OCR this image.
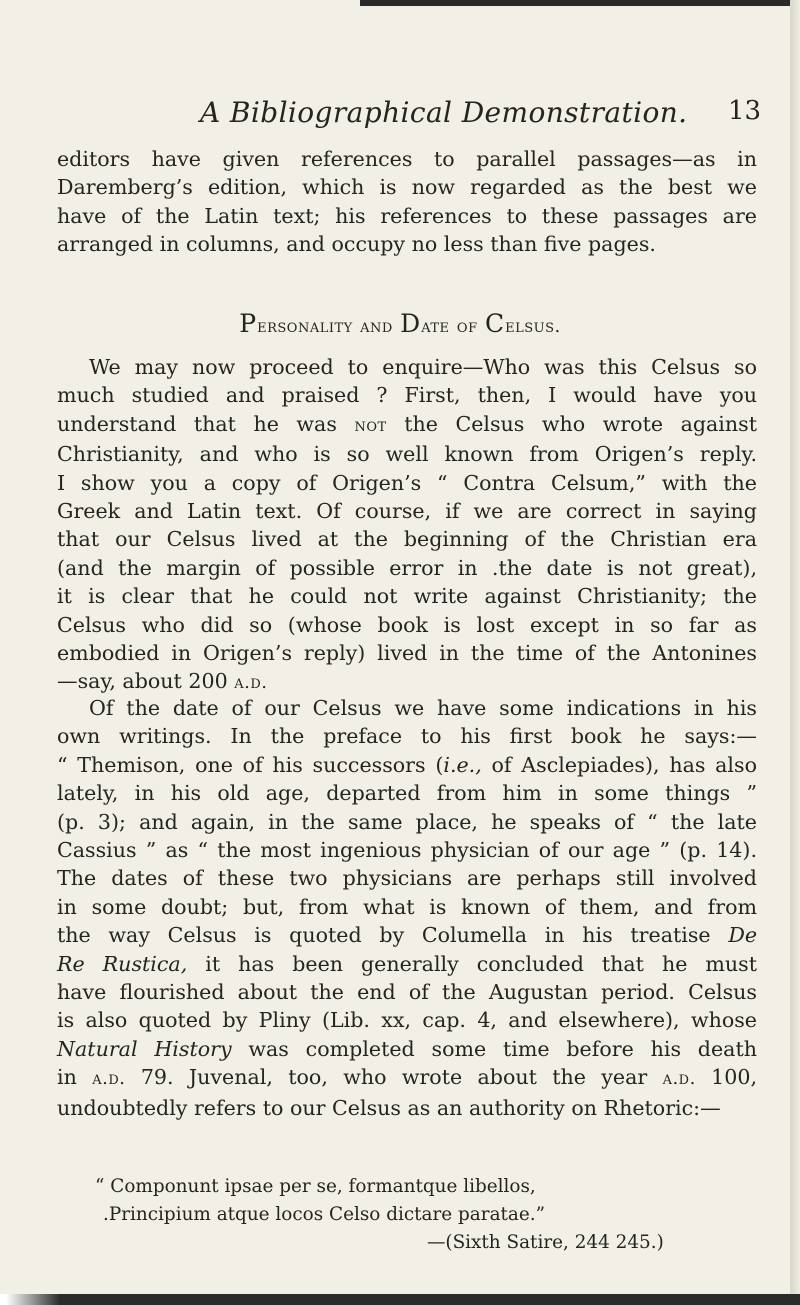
A Bibliographical Demonstration. 13
editors have given references to parallel passages—as in
Daremberg’s edition, which is now regarded as the best we
have of the Latin text; his references to these passages are
arranged in columns, and occupy no less than five pages.
Personality and Date of Celsus.
We may now proceed to enquire—Who was this Celsus so
much studied and praised ? First, then, I would have you
understand that he was not the Celsus who wrote against
Christianity, and who is so well known from Origen’s reply.
I show you a copy of Origen’s “ Contra Celsum,” with the
Greek and Latin text. Of course, if we are correct in saying
that our Celsus lived at the beginning of the Christian era
(and the margin of possible error in .the date is not great),
it is clear that he could not write against Christianity; the
Celsus who did so (whose book is lost except in so far as
embodied in Origen’s reply) lived in the time of the Antonines
—say, about 200 a.d.
Of the date of our Celsus we have some indications in his
own writings. In the preface to his first book he says:—
“ Themison, one of his successors (i.e., of Asclepiades), has also
lately, in his old age, departed from him in some things ”
(p. 3); and again, in the same place, he speaks of “ the late
Cassius ” as “ the most ingenious physician of our age ” (p. 14).
The dates of these two physicians are perhaps still involved
in some doubt; but, from what is known of them, and from
the way Celsus is quoted by Columella in his treatise De
Re Rustica, it has been generally concluded that he must
have flourished about the end of the Augustan period. Celsus
is also quoted by Pliny (Lib. xx, cap. 4, and elsewhere), whose
Natural History was completed some time before his death
in a.d. 79. Juvenal, too, who wrote about the year a.d. 100,
undoubtedly refers to our Celsus as an authority on Rhetoric:—
“ Componunt ipsae per se, formantque libellos,
.Principium atque locos Celso dictare paratae.”
—(Sixth Satire, 244 245.)
